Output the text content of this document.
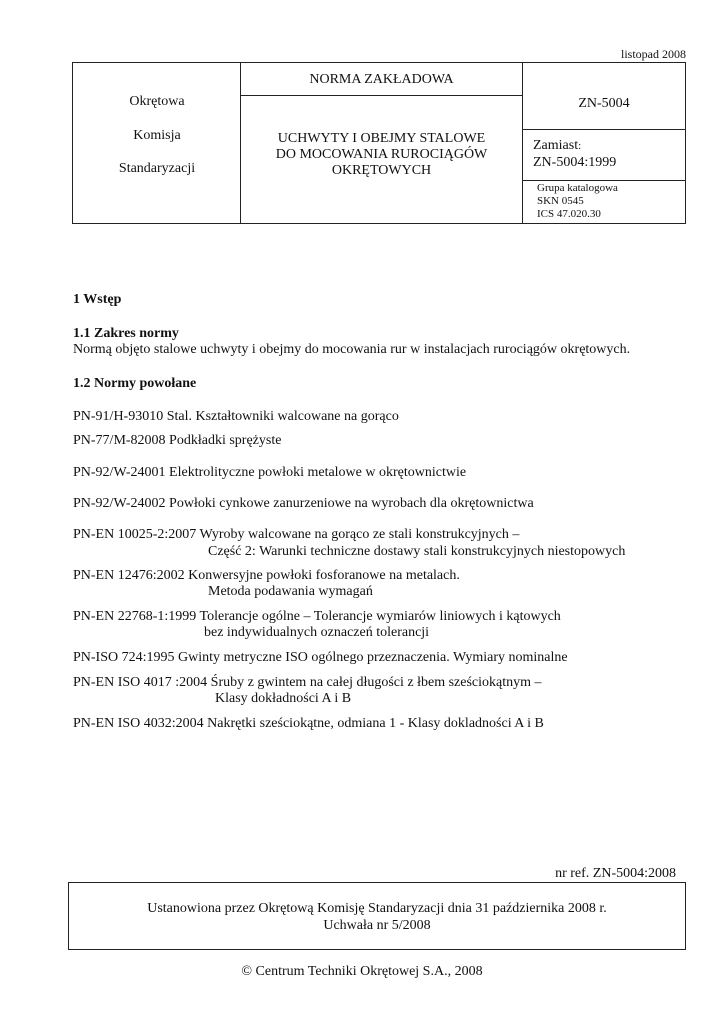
listopad 2008
Okrętowa
Komisja
Standaryzacji
NORMA ZAKŁADOWA
UCHWYTY I OBEJMY STALOWE
DO MOCOWANIA RUROCIĄGÓW
OKRĘTOWYCH
ZN-5004
Zamiast:
ZN-5004:1999
Grupa katalogowa
SKN 0545
ICS 47.020.30
1 Wstęp
1.1 Zakres normy
Normą objęto stalowe uchwyty i obejmy do mocowania rur w instalacjach rurociągów okrętowych.
1.2 Normy powołane
PN-91/H-93010 Stal. Kształtowniki walcowane na gorąco
PN-77/M-82008 Podkładki sprężyste
PN-92/W-24001 Elektrolityczne powłoki metalowe w okrętownictwie
PN-92/W-24002 Powłoki cynkowe zanurzeniowe na wyrobach dla okrętownictwa
PN-EN 10025-2:2007 Wyroby walcowane na gorąco ze stali konstrukcyjnych –
Część 2: Warunki techniczne dostawy stali konstrukcyjnych niestopowych
PN-EN 12476:2002 Konwersyjne powłoki fosforanowe na metalach.
Metoda podawania wymagań
PN-EN 22768-1:1999 Tolerancje ogólne – Tolerancje wymiarów liniowych i kątowych
bez indywidualnych oznaczeń tolerancji
PN-ISO 724:1995 Gwinty metryczne ISO ogólnego przeznaczenia. Wymiary nominalne
PN-EN ISO 4017 :2004 Śruby z gwintem na całej długości z łbem sześciokątnym –
Klasy dokładności A i B
PN-EN ISO 4032:2004 Nakrętki sześciokątne, odmiana 1 - Klasy dokladności A i B
nr ref. ZN-5004:2008
Ustanowiona przez Okrętową Komisję Standaryzacji dnia 31 października 2008 r.
Uchwała nr 5/2008
© Centrum Techniki Okrętowej S.A., 2008
